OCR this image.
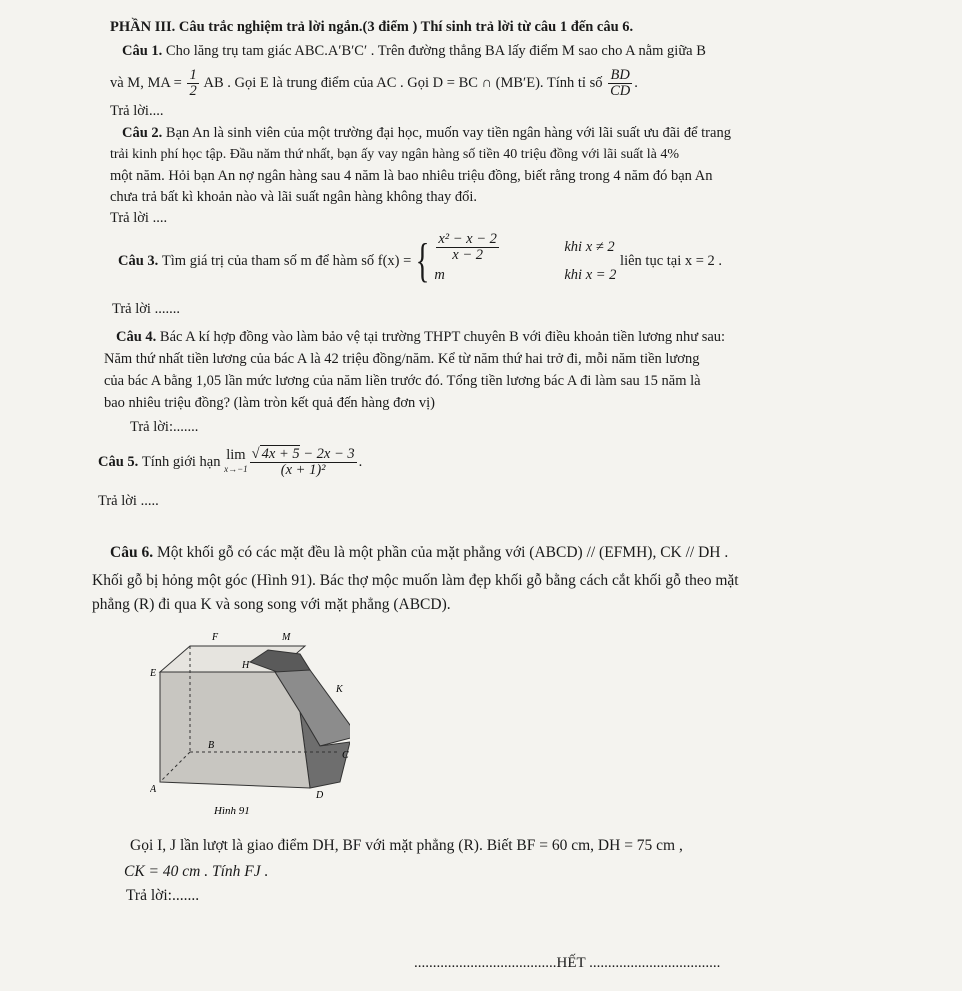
PHẦN III. Câu trắc nghiệm trả lời ngắn.(3 điểm ) Thí sinh trả lời từ câu 1 đến câu 6.
Câu 1. Cho lăng trụ tam giác ABC.A′B′C′ . Trên đường thẳng BA lấy điểm M sao cho A nằm giữa B
và M, MA = $\frac{1}{2}$ AB . Gọi E là trung điểm của AC . Gọi D = BC ∩ (MB′E). Tính tỉ số $\frac{BD}{CD}$ .
Trả lời....
Câu 2. Bạn An là sinh viên của một trường đại học, muốn vay tiền ngân hàng với lãi suất ưu đãi để trang
trải kinh phí học tập. Đầu năm thứ nhất, bạn ấy vay ngân hàng số tiền 40 triệu đồng với lãi suất là 4%
một năm. Hỏi bạn An nợ ngân hàng sau 4 năm là bao nhiêu triệu đồng, biết rằng trong 4 năm đó bạn An
chưa trả bất kì khoản nào và lãi suất ngân hàng không thay đổi.
Trả lời ....
Câu 3.
Tìm giá trị của tham số m để hàm số f(x) = { $\frac{\text{x² − x − 2}}{x - 2}$	khi x ≠ 2
m	khi x = 2

liên tục tại x = 2 .
Trả lời .......
Câu 4. Bác A kí hợp đồng vào làm bảo vệ tại trường THPT chuyên B với điều khoản tiền lương như sau:
Năm thứ nhất tiền lương của bác A là 42 triệu đồng/năm. Kể từ năm thứ hai trở đi, mỗi năm tiền lương
của bác A bằng 1,05 lần mức lương của năm liền trước đó. Tổng tiền lương bác A đi làm sau 15 năm là
bao nhiêu triệu đồng? (làm tròn kết quả đến hàng đơn vị)
Trả lời:.......
Câu 5.
Tính giới hạn
lim
$x\to-1 \frac{√ 4x + 5 - 2x - 3}{\text{(x + 1)²}}$ .
Trả lời .....
Câu 6. Một khối gỗ có các mặt đều là một phần của mặt phẳng với (ABCD) // (EFMH), CK // DH .
Khối gỗ bị hỏng một góc (Hình 91). Bác thợ mộc muốn làm đẹp khối gỗ bằng cách cắt khối gỗ theo mặt
phẳng (R) đi qua K và song song với mặt phẳng (ABCD).
F	M
E
H
K
B
C
A
D
Hình 91
Gọi I, J lần lượt là giao điểm DH, BF với mặt phẳng (R). Biết BF = 60 cm, DH = 75 cm ,
CK = 40 cm . Tính FJ .
Trả lời:.......
......................................HẾT ...................................
